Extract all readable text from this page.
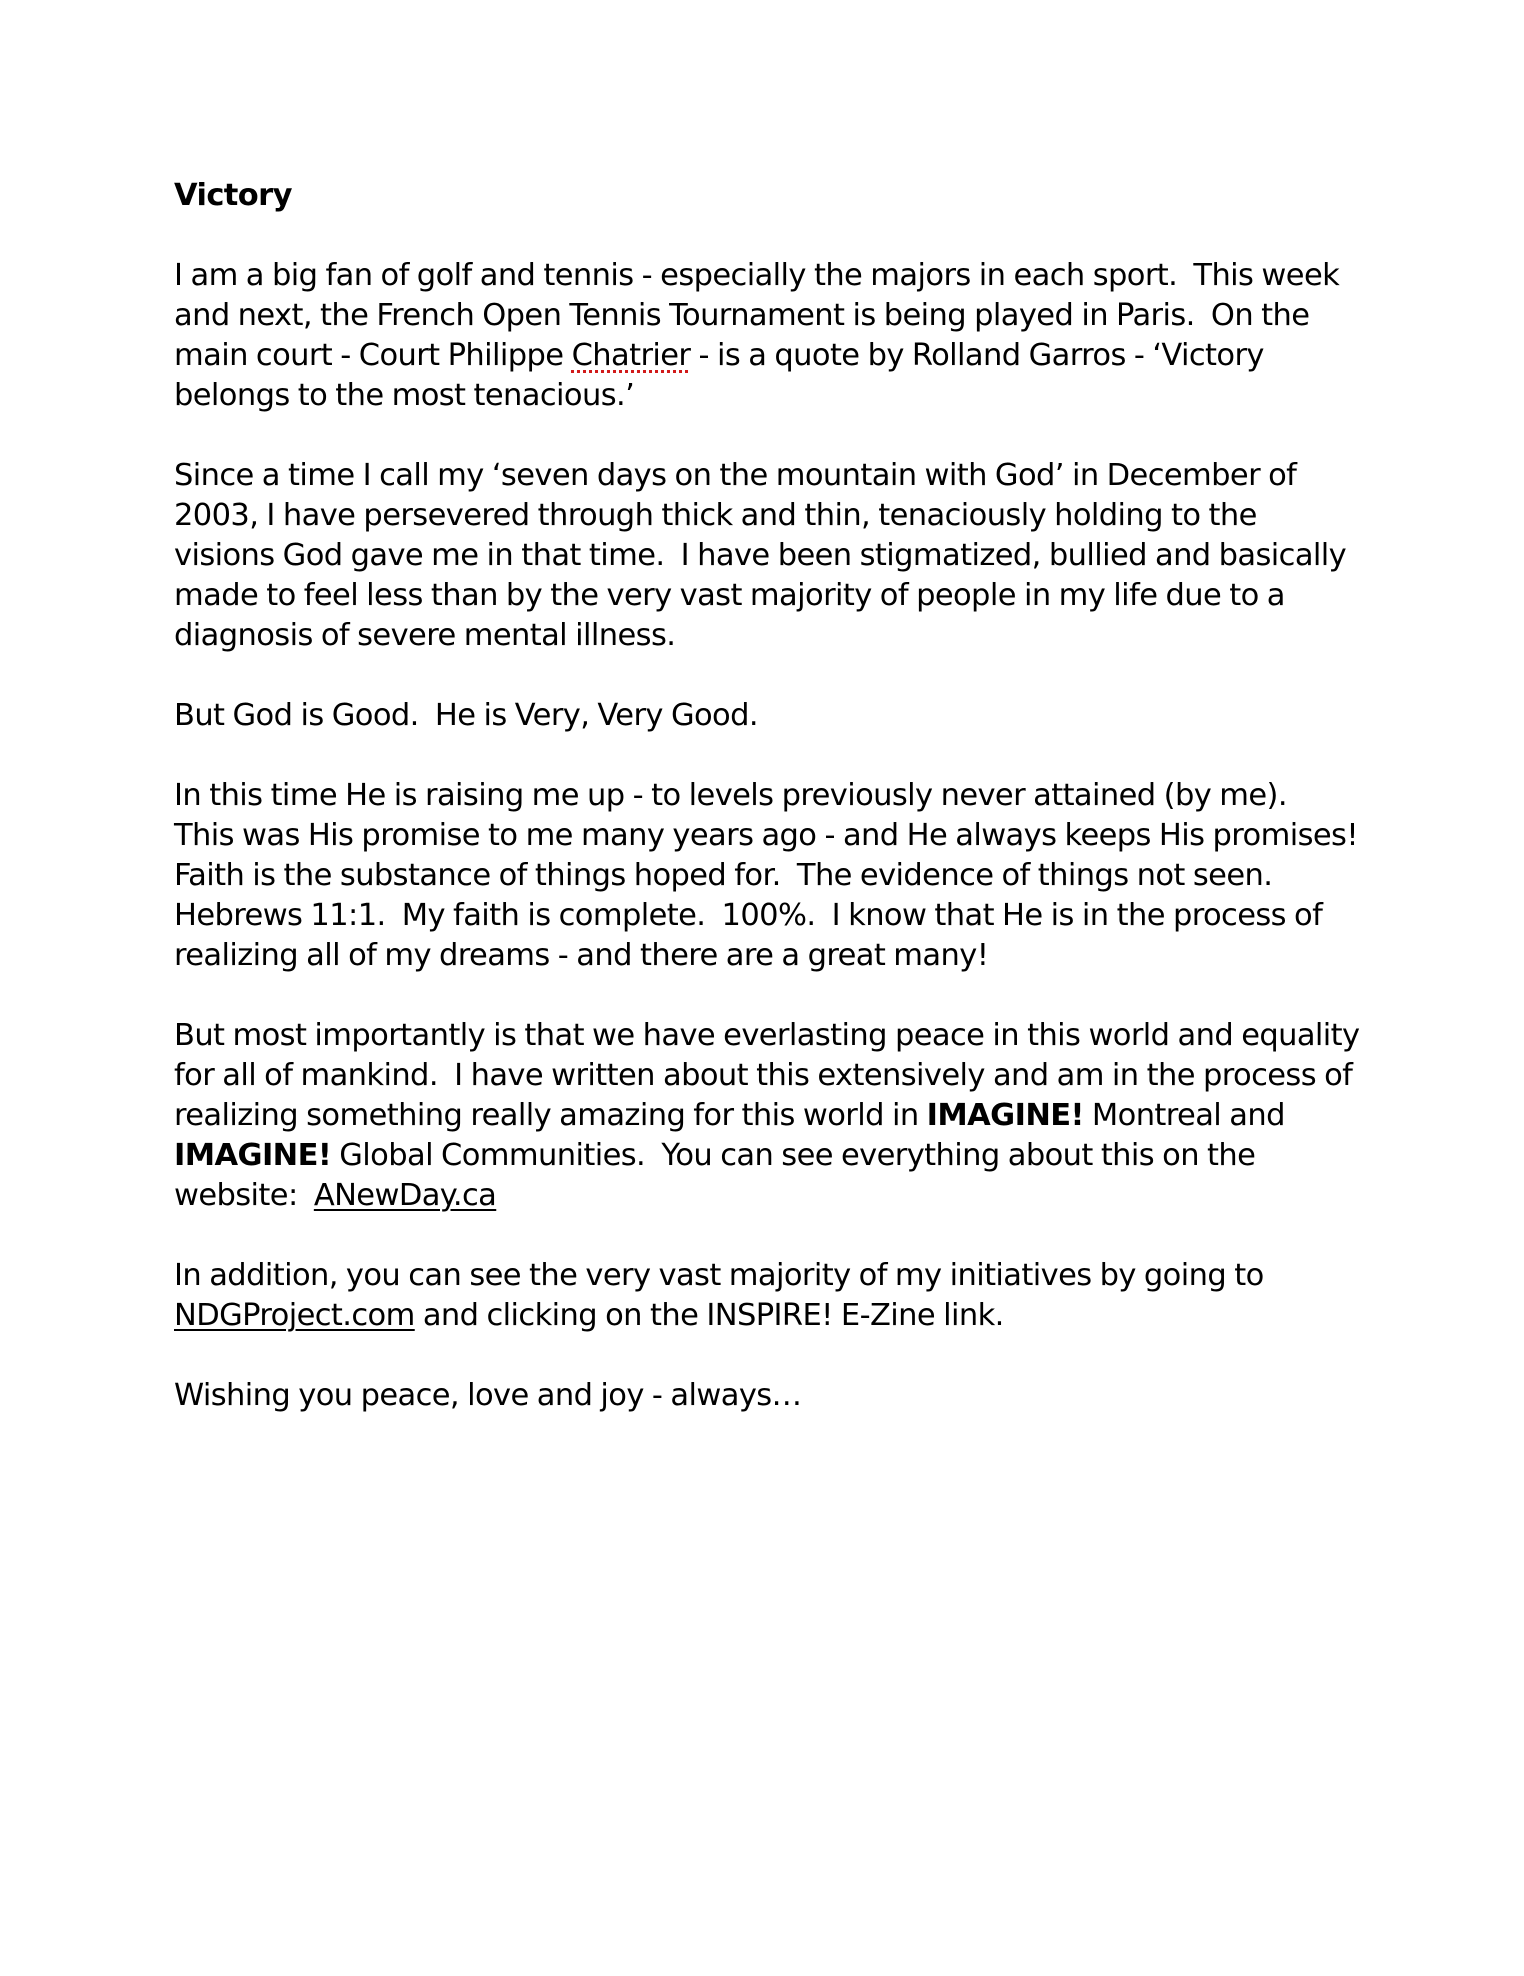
Victory

I am a big fan of golf and tennis - especially the majors in each sport.  This week
and next, the French Open Tennis Tournament is being played in Paris.  On the
main court - Court Philippe Chatrier - is a quote by Rolland Garros - ‘Victory
belongs to the most tenacious.’

Since a time I call my ‘seven days on the mountain with God’ in December of
2003, I have persevered through thick and thin, tenaciously holding to the
visions God gave me in that time.  I have been stigmatized, bullied and basically
made to feel less than by the very vast majority of people in my life due to a
diagnosis of severe mental illness.

But God is Good.  He is Very, Very Good.

In this time He is raising me up - to levels previously never attained (by me).
This was His promise to me many years ago - and He always keeps His promises!
Faith is the substance of things hoped for.  The evidence of things not seen.
Hebrews 11:1.  My faith is complete.  100%.  I know that He is in the process of
realizing all of my dreams - and there are a great many!

But most importantly is that we have everlasting peace in this world and equality
for all of mankind.  I have written about this extensively and am in the process of
realizing something really amazing for this world in IMAGINE! Montreal and
IMAGINE! Global Communities.  You can see everything about this on the
website:  ANewDay.ca

In addition, you can see the very vast majority of my initiatives by going to
NDGProject.com and clicking on the INSPIRE! E-Zine link.

Wishing you peace, love and joy - always…
